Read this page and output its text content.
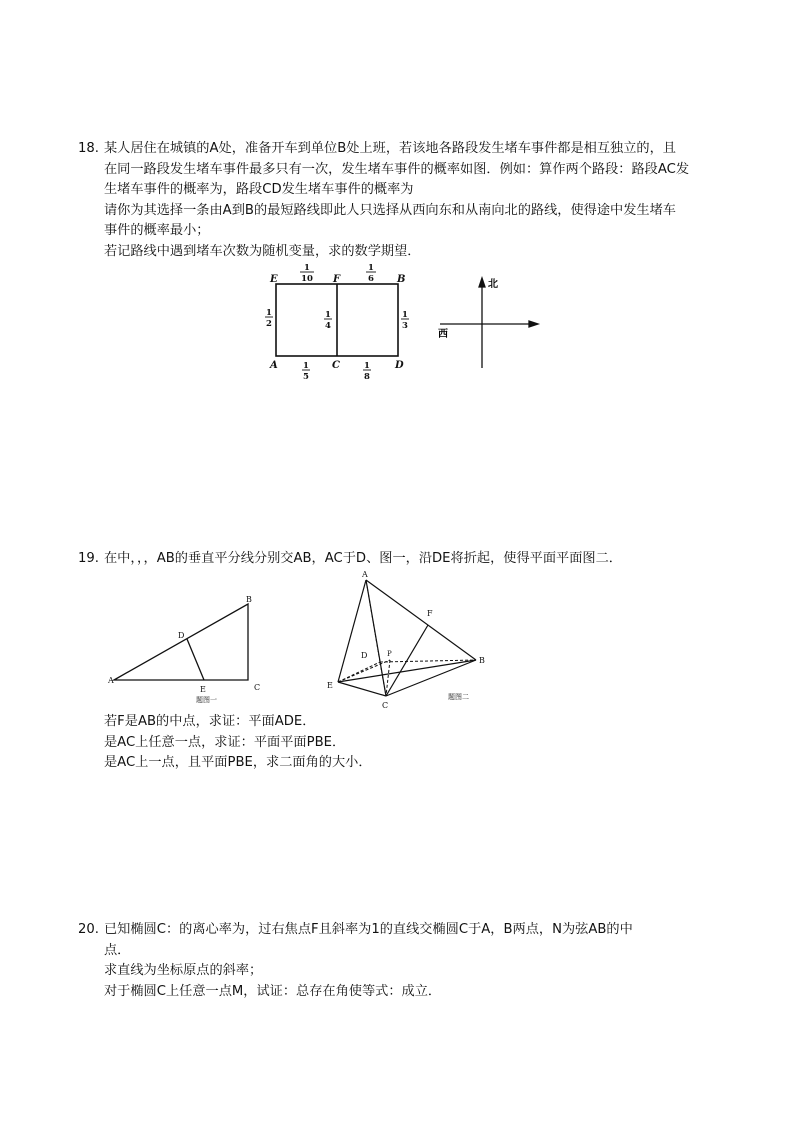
18. 某人居住在城镇的A处，准备开车到单位B处上班，若该地各路段发生堵车事件都是相互独立的，且
在同一路段发生堵车事件最多只有一次，发生堵车事件的概率如图．例如：算作两个路段：路段AC发
生堵车事件的概率为，路段CD发生堵车事件的概率为
请你为其选择一条由A到B的最短路线即此人只选择从西向东和从南向北的路线，使得途中发生堵车
事件的概率最小；
若记路线中遇到堵车次数为随机变量，求的数学期望．
E	F	B
A	C	D
1
10
1
6
1
2
1
4
1
3
1
5
1
8
北
西
19. 在中，，，AB的垂直平分线分别交AB，AC于D、图一，沿DE将折起，使得平面平面图二．
A
B
C
D
E
题图一
A
B
C
D
E
F
P
题图二
若F是AB的中点，求证：平面ADE．
是AC上任意一点，求证：平面平面PBE．
是AC上一点，且平面PBE，求二面角的大小．
20. 已知椭圆C：的离心率为，过右焦点F且斜率为1的直线交椭圆C于A，B两点，N为弦AB的中
点．
求直线为坐标原点的斜率；
对于椭圆C上任意一点M，试证：总存在角使等式：成立．
